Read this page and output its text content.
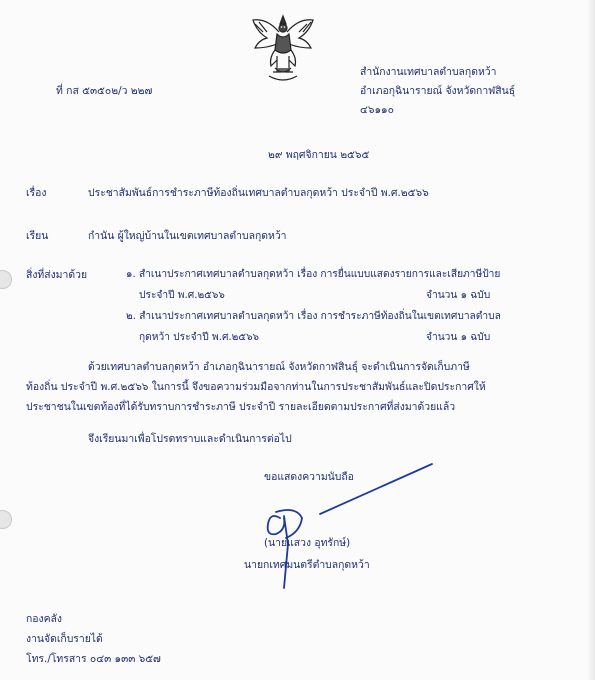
ที่ กส ๕๓๕๐๒/ว ๒๒๗
สำนักงานเทศบาลตำบลกุดหว้า
อำเภอกุฉินารายณ์ จังหวัดกาฬสินธุ์
๔๖๑๑๐
๒๙ พฤศจิกายน ๒๕๖๕
เรื่อง	ประชาสัมพันธ์การชำระภาษีท้องถิ่นเทศบาลตำบลกุดหว้า ประจำปี พ.ศ.๒๕๖๖
เรียน	กำนัน ผู้ใหญ่บ้านในเขตเทศบาลตำบลกุดหว้า
สิ่งที่ส่งมาด้วย	๑. สำเนาประกาศเทศบาลตำบลกุดหว้า เรื่อง การยื่นแบบแสดงรายการและเสียภาษีป้าย
ประจำปี พ.ศ.๒๕๖๖	จำนวน ๑ ฉบับ
๒. สำเนาประกาศเทศบาลตำบลกุดหว้า เรื่อง การชำระภาษีท้องถิ่นในเขตเทศบาลตำบล
กุดหว้า ประจำปี พ.ศ.๒๕๖๖	จำนวน ๑ ฉบับ
ด้วยเทศบาลตำบลกุดหว้า อำเภอกุฉินารายณ์ จังหวัดกาฬสินธุ์ จะดำเนินการจัดเก็บภาษี
ท้องถิ่น ประจำปี พ.ศ.๒๕๖๖ ในการนี้ จึงขอความร่วมมือจากท่านในการประชาสัมพันธ์และปิดประกาศให้
ประชาชนในเขตท้องที่ได้รับทราบการชำระภาษี ประจำปี รายละเอียดตามประกาศที่ส่งมาด้วยแล้ว
จึงเรียนมาเพื่อโปรดทราบและดำเนินการต่อไป
ขอแสดงความนับถือ
(นายแสวง อุทรักษ์)
นายกเทศมนตรีตำบลกุดหว้า
กองคลัง
งานจัดเก็บรายได้
โทร./โทรสาร ๐๔๓ ๑๓๓ ๖๕๗
